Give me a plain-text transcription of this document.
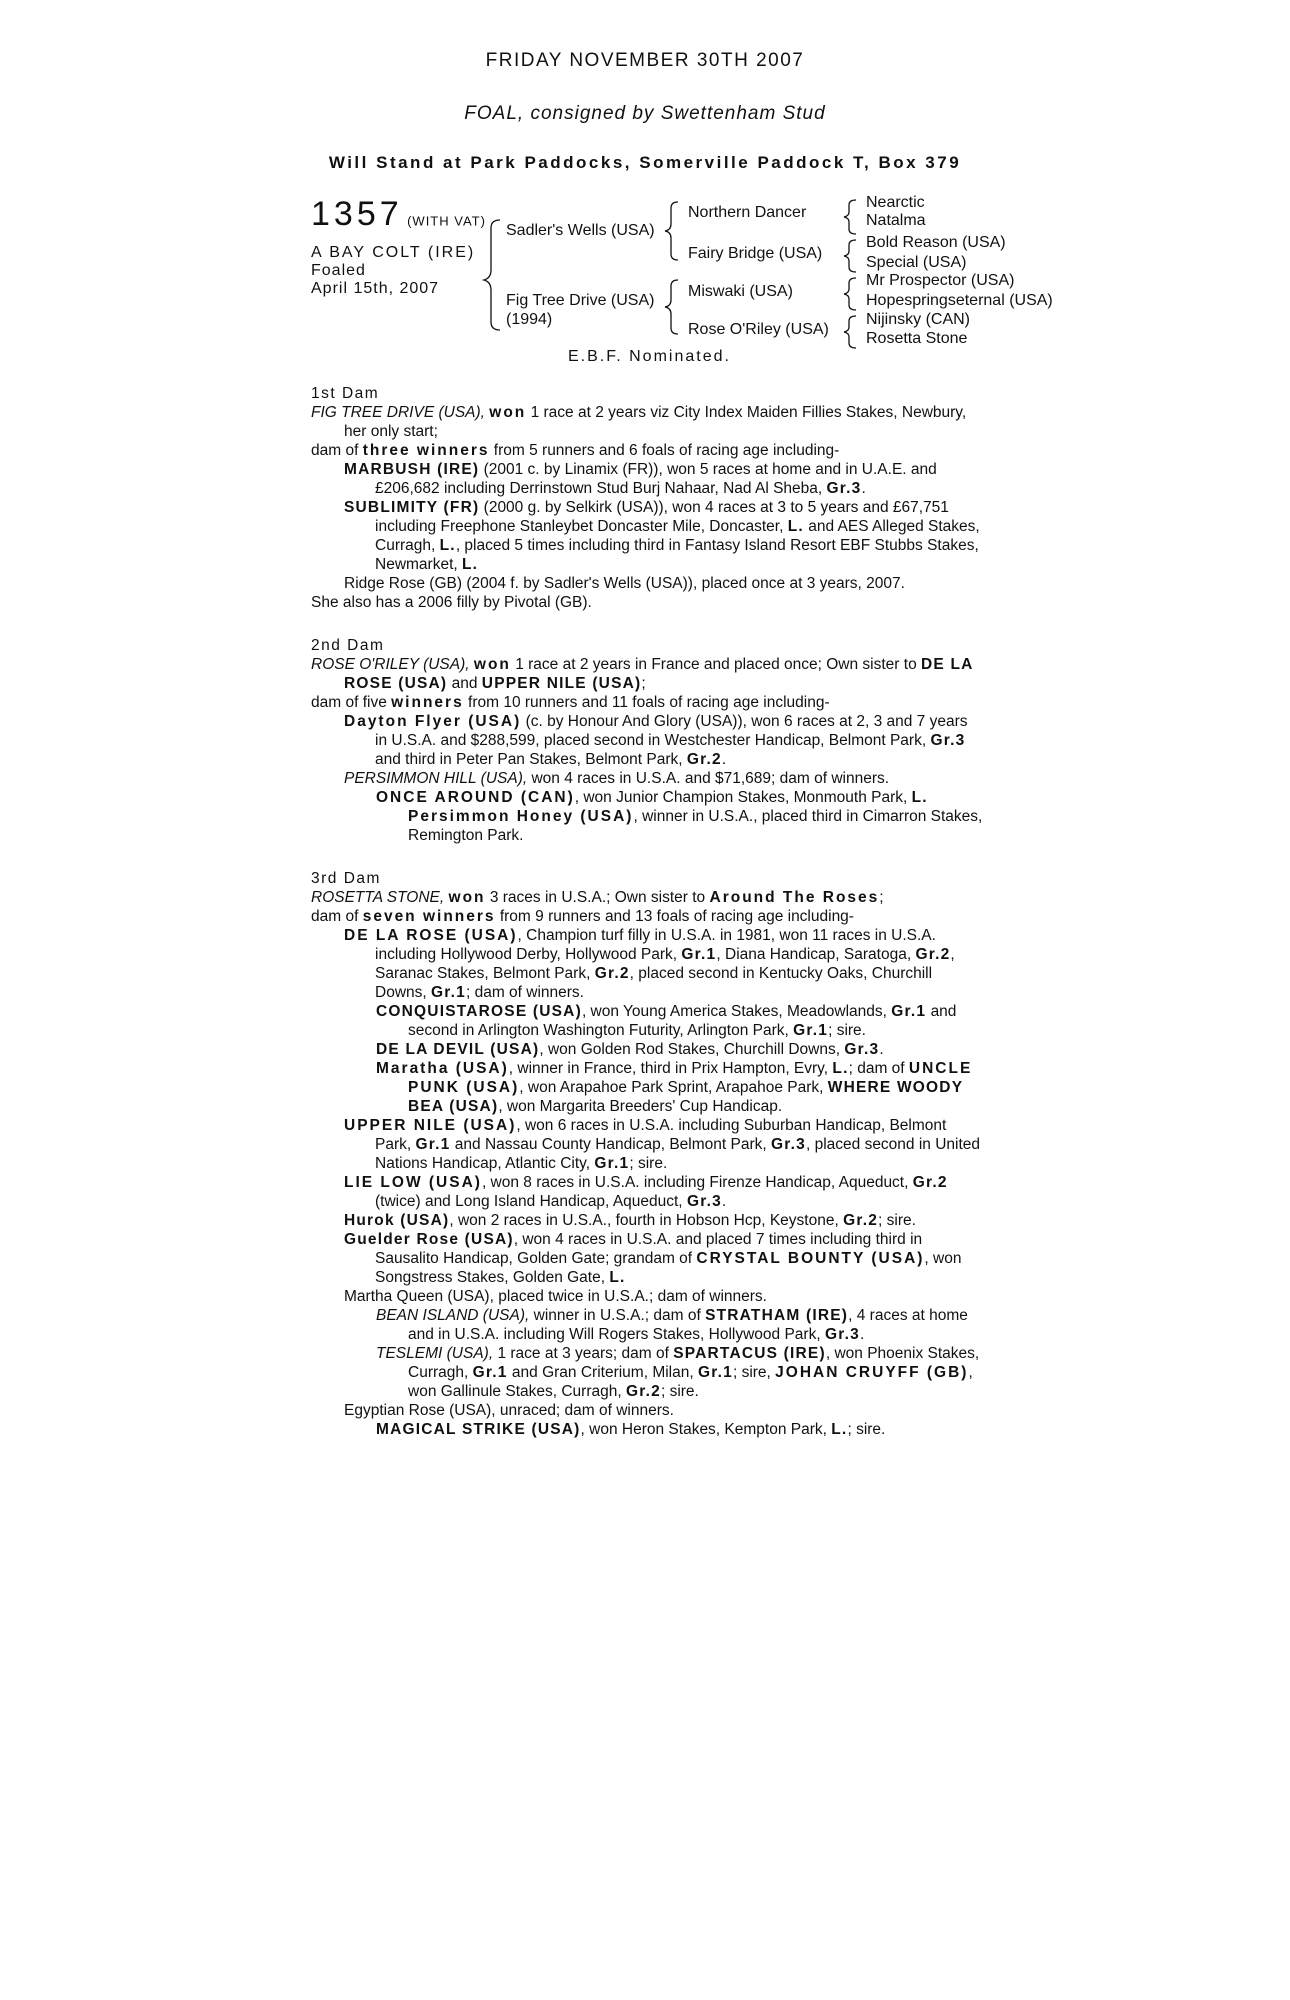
FRIDAY NOVEMBER 30TH 2007
FOAL, consigned by Swettenham Stud
Will Stand at Park Paddocks, Somerville Paddock T, Box 379
1357 (WITH VAT)
A BAY COLT (IRE)
Foaled
April 15th, 2007
Sadler's Wells (USA)
Fig Tree Drive (USA)
(1994)
Northern Dancer
Fairy Bridge (USA)
Miswaki (USA)
Rose O'Riley (USA)
Nearctic
Natalma
Bold Reason (USA)
Special (USA)
Mr Prospector (USA)
Hopespringseternal (USA)
Nijinsky (CAN)
Rosetta Stone
E.B.F. Nominated.

1st Dam

FIG TREE DRIVE (USA), won 1 race at 2 years viz City Index Maiden Fillies Stakes, Newbury, her only start;

dam of three winners from 5 runners and 6 foals of racing age including-

MARBUSH (IRE) (2001 c. by Linamix (FR)), won 5 races at home and in U.A.E. and £206,682 including Derrinstown Stud Burj Nahaar, Nad Al Sheba, Gr.3.

SUBLIMITY (FR) (2000 g. by Selkirk (USA)), won 4 races at 3 to 5 years and £67,751 including Freephone Stanleybet Doncaster Mile, Doncaster, L. and AES Alleged Stakes, Curragh, L., placed 5 times including third in Fantasy Island Resort EBF Stubbs Stakes, Newmarket, L.

Ridge Rose (GB) (2004 f. by Sadler's Wells (USA)), placed once at 3 years, 2007.

She also has a 2006 filly by Pivotal (GB).

2nd Dam

ROSE O'RILEY (USA), won 1 race at 2 years in France and placed once; Own sister to DE LA ROSE (USA) and UPPER NILE (USA);

dam of five winners from 10 runners and 11 foals of racing age including-

Dayton Flyer (USA) (c. by Honour And Glory (USA)), won 6 races at 2, 3 and 7 years in U.S.A. and $288,599, placed second in Westchester Handicap, Belmont Park, Gr.3 and third in Peter Pan Stakes, Belmont Park, Gr.2.

PERSIMMON HILL (USA), won 4 races in U.S.A. and $71,689; dam of winners.

ONCE AROUND (CAN), won Junior Champion Stakes, Monmouth Park, L.

Persimmon Honey (USA), winner in U.S.A., placed third in Cimarron Stakes, Remington Park.

3rd Dam

ROSETTA STONE, won 3 races in U.S.A.; Own sister to Around The Roses;

dam of seven winners from 9 runners and 13 foals of racing age including-

DE LA ROSE (USA), Champion turf filly in U.S.A. in 1981, won 11 races in U.S.A. including Hollywood Derby, Hollywood Park, Gr.1, Diana Handicap, Saratoga, Gr.2, Saranac Stakes, Belmont Park, Gr.2, placed second in Kentucky Oaks, Churchill Downs, Gr.1; dam of winners.

CONQUISTAROSE (USA), won Young America Stakes, Meadowlands, Gr.1 and second in Arlington Washington Futurity, Arlington Park, Gr.1; sire.

DE LA DEVIL (USA), won Golden Rod Stakes, Churchill Downs, Gr.3.

Maratha (USA), winner in France, third in Prix Hampton, Evry, L.; dam of UNCLE PUNK (USA), won Arapahoe Park Sprint, Arapahoe Park, WHERE WOODY BEA (USA), won Margarita Breeders' Cup Handicap.

UPPER NILE (USA), won 6 races in U.S.A. including Suburban Handicap, Belmont Park, Gr.1 and Nassau County Handicap, Belmont Park, Gr.3, placed second in United Nations Handicap, Atlantic City, Gr.1; sire.

LIE LOW (USA), won 8 races in U.S.A. including Firenze Handicap, Aqueduct, Gr.2 (twice) and Long Island Handicap, Aqueduct, Gr.3.

Hurok (USA), won 2 races in U.S.A., fourth in Hobson Hcp, Keystone, Gr.2; sire.

Guelder Rose (USA), won 4 races in U.S.A. and placed 7 times including third in Sausalito Handicap, Golden Gate; grandam of CRYSTAL BOUNTY (USA), won Songstress Stakes, Golden Gate, L.

Martha Queen (USA), placed twice in U.S.A.; dam of winners.

BEAN ISLAND (USA), winner in U.S.A.; dam of STRATHAM (IRE), 4 races at home and in U.S.A. including Will Rogers Stakes, Hollywood Park, Gr.3.

TESLEMI (USA), 1 race at 3 years; dam of SPARTACUS (IRE), won Phoenix Stakes, Curragh, Gr.1 and Gran Criterium, Milan, Gr.1; sire, JOHAN CRUYFF (GB), won Gallinule Stakes, Curragh, Gr.2; sire.

Egyptian Rose (USA), unraced; dam of winners.

MAGICAL STRIKE (USA), won Heron Stakes, Kempton Park, L.; sire.
